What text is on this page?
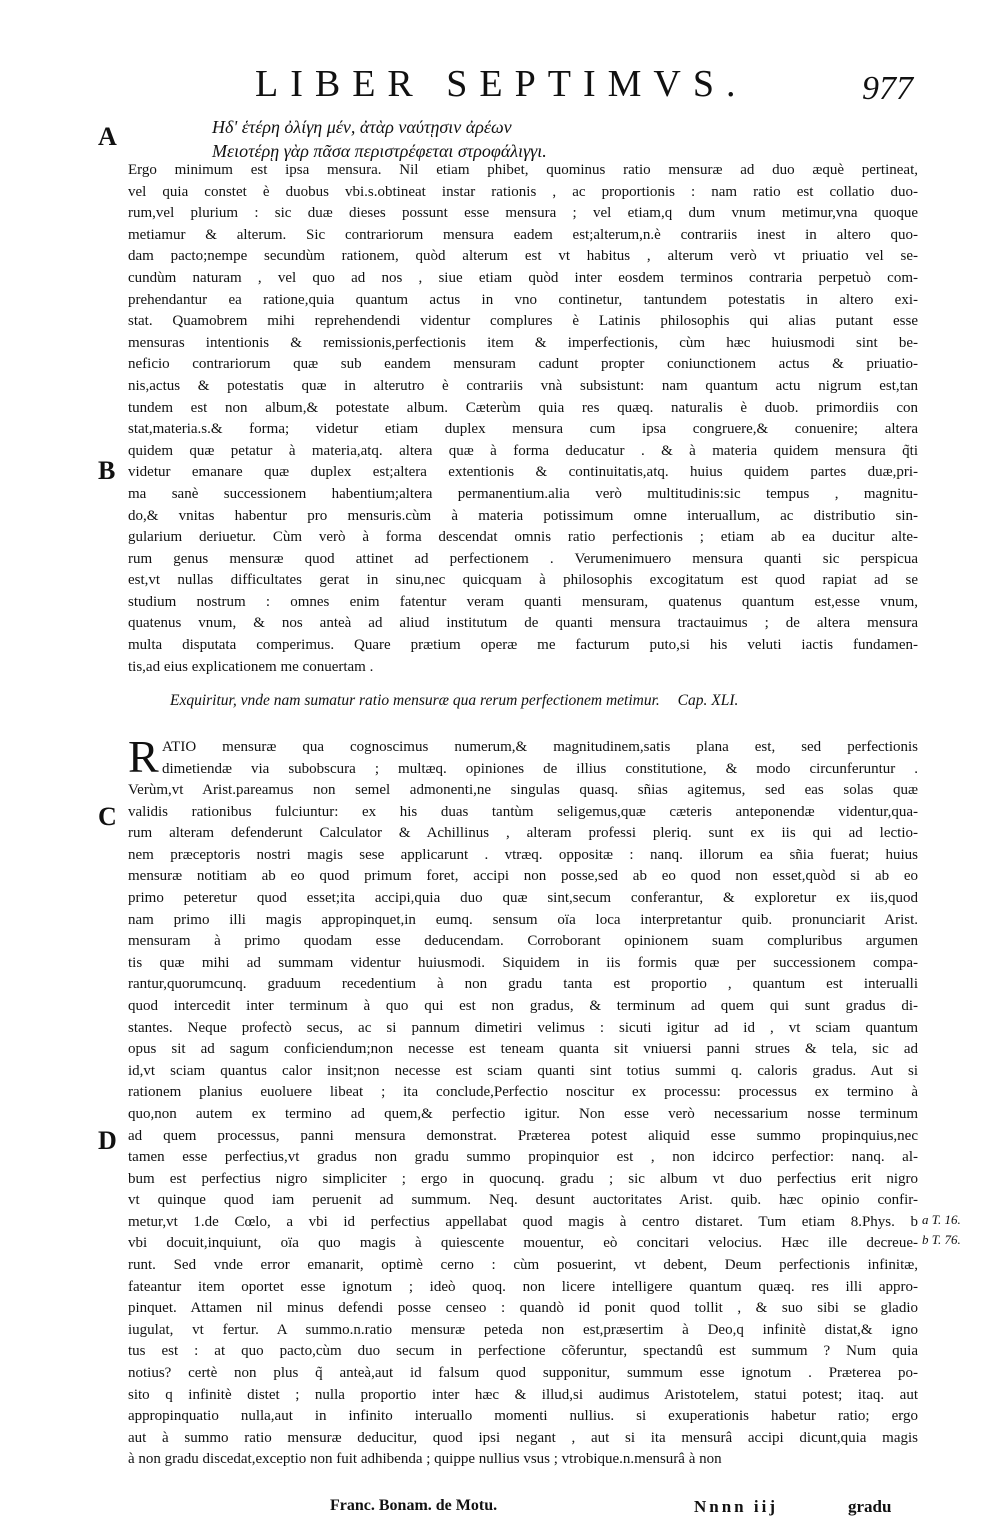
LIBER SEPTIMVS.	977
A
B
C
D
Ηδ' ἑτέρη ὀλίγη μέν, ἀτὰρ ναύτῃσιν ἀρέων
Μειοτέρῃ γὰρ πᾶσα περιστρέφεται στροφάλιγγι.
Ergo minimum est ipsa mensura. Nil etiam phibet, quominus ratio mensuræ ad duo æquè pertineat,
vel quia constet è duobus vbi.s.obtineat instar rationis , ac proportionis : nam ratio est collatio duo-
rum,vel plurium : sic duæ dieses possunt esse mensura ; vel etiam,q dum vnum metimur,vna quoque
metiamur & alterum. Sic contrariorum mensura eadem est;alterum,n.è contrariis inest in altero quo-
dam pacto;nempe secundùm rationem, quòd alterum est vt habitus , alterum verò vt priuatio vel se-
cundùm naturam , vel quo ad nos , siue etiam quòd inter eosdem terminos contraria perpetuò com-
prehendantur ea ratione,quia quantum actus in vno continetur, tantundem potestatis in altero exi-
stat. Quamobrem mihi reprehendendi videntur complures è Latinis philosophis qui alias putant esse
mensuras intentionis & remissionis,perfectionis item & imperfectionis, cùm hæc huiusmodi sint be-
neficio contrariorum quæ sub eandem mensuram cadunt propter coniunctionem actus & priuatio-
nis,actus & potestatis quæ in alterutro è contrariis vnà subsistunt: nam quantum actu nigrum est,tan
tundem est non album,& potestate album. Cæterùm quia res quæq. naturalis è duob. primordiis con
stat,materia.s.& forma; videtur etiam duplex mensura cum ipsa congruere,& conuenire; altera
quidem quæ petatur à materia,atq. altera quæ à forma deducatur . & à materia quidem mensura q̃ti
videtur emanare quæ duplex est;altera extentionis & continuitatis,atq. huius quidem partes duæ,pri-
ma sanè successionem habentium;altera permanentium.alia verò multitudinis:sic tempus , magnitu-
do,& vnitas habentur pro mensuris.cùm à materia potissimum omne interuallum, ac distributio sin-
gularium deriuetur. Cùm verò à forma descendat omnis ratio perfectionis ; etiam ab ea ducitur alte-
rum genus mensuræ quod attinet ad perfectionem . Verumenimuero mensura quanti sic perspicua
est,vt nullas difficultates gerat in sinu,nec quicquam à philosophis excogitatum est quod rapiat ad se
studium nostrum : omnes enim fatentur veram quanti mensuram, quatenus quantum est,esse vnum,
quatenus vnum, & nos anteà ad aliud institutum de quanti mensura tractauimus ; de altera mensura
multa disputata comperimus. Quare prætium operæ me facturum puto,si his veluti iactis fundamen-
tis,ad eius explicationem me conuertam .
Exquiritur, vnde nam sumatur ratio mensuræ qua rerum perfectionem metimur. Cap. XLI.
R ATIO mensuræ qua cognoscimus numerum,& magnitudinem,satis plana est, sed perfectionis
dimetiendæ via subobscura ; multæq. opiniones de illius constitutione, & modo circunferuntur .
Verùm,vt Arist.pareamus non semel admonenti,ne singulas quasq. sñias agitemus, sed eas solas quæ
validis rationibus fulciuntur: ex his duas tantùm seligemus,quæ cæteris anteponendæ videntur,qua-
rum alteram defenderunt Calculator & Achillinus , alteram professi pleriq. sunt ex iis qui ad lectio-
nem præceptoris nostri magis sese applicarunt . vtræq. oppositæ : nanq. illorum ea sñia fuerat; huius
mensuræ notitiam ab eo quod primum foret, accipi non posse,sed ab eo quod non esset,quòd si ab eo
primo peteretur quod esset;ita accipi,quia duo quæ sint,secum conferantur, & exploretur ex iis,quod
nam primo illi magis appropinquet,in eumq. sensum oïa loca interpretantur quib. pronunciarit Arist.
mensuram à primo quodam esse deducendam. Corroborant opinionem suam compluribus argumen
tis quæ mihi ad summam videntur huiusmodi. Siquidem in iis formis quæ per successionem compa-
rantur,quorumcunq. graduum recedentium à non gradu tanta est proportio , quantum est interualli
quod intercedit inter terminum à quo qui est non gradus, & terminum ad quem qui sunt gradus di-
stantes. Neque profectò secus, ac si pannum dimetiri velimus : sicuti igitur ad id , vt sciam quantum
opus sit ad sagum conficiendum;non necesse est teneam quanta sit vniuersi panni strues & tela, sic ad
id,vt sciam quantus calor insit;non necesse est sciam quanti sint totius summi q. caloris gradus. Aut si
rationem planius euoluere libeat ; ita conclude,Perfectio noscitur ex processu: processus ex termino à
quo,non autem ex termino ad quem,& perfectio igitur. Non esse verò necessarium nosse terminum
ad quem processus, panni mensura demonstrat. Præterea potest aliquid esse summo propinquius,nec
tamen esse perfectius,vt gradus non gradu summo propinquior est , non idcirco perfectior: nanq. al-
bum est perfectius nigro simpliciter ; ergo in quocunq. gradu ; sic album vt duo perfectius erit nigro
vt quinque quod iam peruenit ad summum. Neq. desunt auctoritates Arist. quib. hæc opinio confir-
metur,vt 1.de Cœlo, a vbi id perfectius appellabat quod magis à centro distaret. Tum etiam 8.Phys. b
vbi docuit,inquiunt, oïa quo magis à quiescente mouentur, eò concitari velocius. Hæc ille decreue-
runt. Sed vnde error emanarit, optimè cerno : cùm posuerint, vt debent, Deum perfectionis infinitæ,
fateantur item oportet esse ignotum ; ideò quoq. non licere intelligere quantum quæq. res illi appro-
pinquet. Attamen nil minus defendi posse censeo : quandò id ponit quod tollit , & suo sibi se gladio
iugulat, vt fertur. A summo.n.ratio mensuræ peteda non est,præsertim à Deo,q infinitè distat,& igno
tus est : at quo pacto,cùm duo secum in perfectione cõferuntur, spectandû est summum ? Num quia
notius? certè non plus q̃ anteà,aut id falsum quod supponitur, summum esse ignotum . Præterea po-
sito q infinitè distet ; nulla proportio inter hæc & illud,si audimus Aristotelem, statui potest; itaq. aut
appropinquatio nulla,aut in infinito interuallo momenti nullius. si exuperationis habetur ratio; ergo
aut à summo ratio mensuræ deducitur, quod ipsi negant , aut si ita mensurâ accipi dicunt,quia magis
à non gradu discedat,exceptio non fuit adhibenda ; quippe nullius vsus ; vtrobique.n.mensurâ à non
a T. 16.
b T. 76.
Franc. Bonam. de Motu.	Nnnn iij	gradu
